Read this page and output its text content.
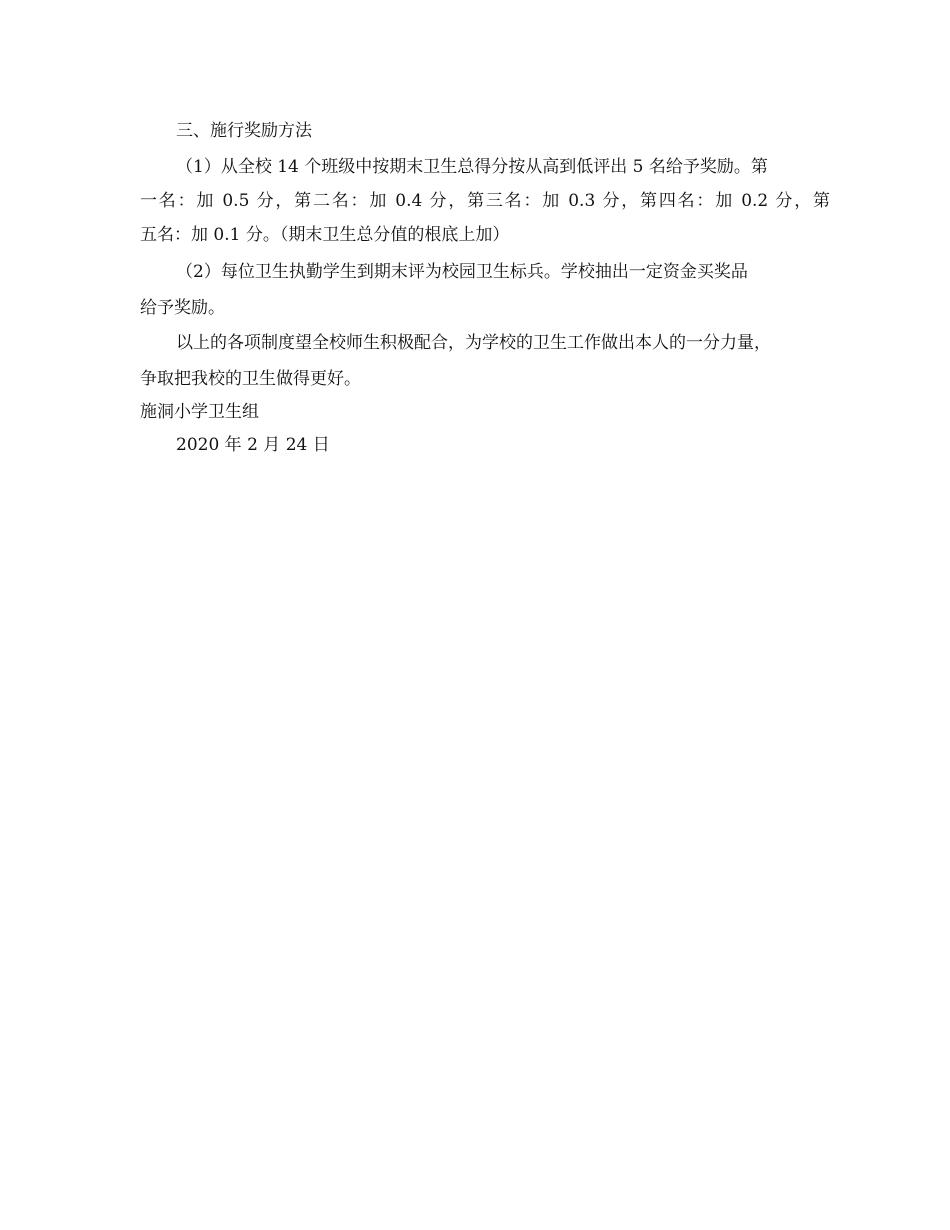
三、施行奖励方法
（1）从全校 14 个班级中按期末卫生总得分按从高到低评出 5 名给予奖励。第
一名：加 0.5 分，第二名：加 0.4 分，第三名：加 0.3 分，第四名：加 0.2 分，第
五名：加 0.1 分。（期末卫生总分值的根底上加）
（2）每位卫生执勤学生到期末评为校园卫生标兵。学校抽出一定资金买奖品
给予奖励。
以上的各项制度望全校师生积极配合，为学校的卫生工作做出本人的一分力量，
争取把我校的卫生做得更好。
施洞小学卫生组
2020 年 2 月 24 日
